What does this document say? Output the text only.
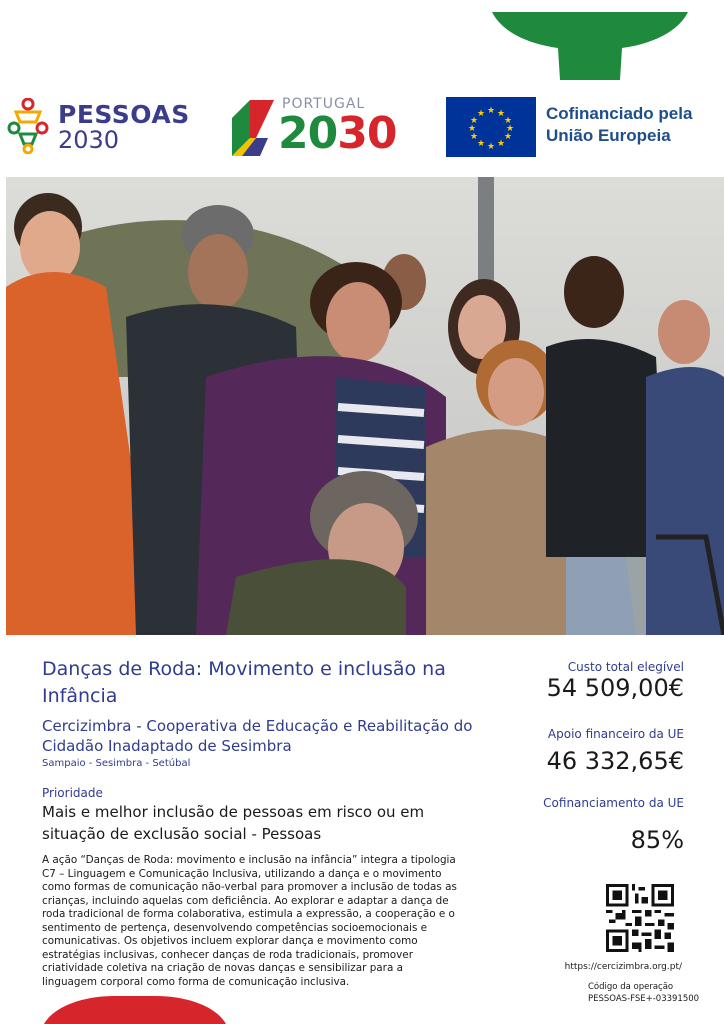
PESSOAS
2030
PORTUGAL
2030	★ ★
★
★
★
★
★
★
★
★
★
★	Cofinanciado pela
União Europeia
Danças de Roda: Movimento e inclusão na Infância
Cercizimbra - Cooperativa de Educação e Reabilitação do Cidadão Inadaptado de Sesimbra
Sampaio - Sesimbra - Setúbal
Prioridade
Mais e melhor inclusão de pessoas em risco ou em situação de exclusão social - Pessoas
A ação “Danças de Roda: movimento e inclusão na infância” integra a tipologia C7 – Linguagem e Comunicação Inclusiva, utilizando a dança e o movimento como formas de comunicação não-verbal para promover a inclusão de todas as crianças, incluindo aquelas com deficiência. Ao explorar e adaptar a dança de roda tradicional de forma colaborativa, estimula a expressão, a cooperação e o sentimento de pertença, desenvolvendo competências socioemocionais e comunicativas. Os objetivos incluem explorar dança e movimento como estratégias inclusivas, conhecer danças de roda tradicionais, promover criatividade coletiva na criação de novas danças e sensibilizar para a linguagem corporal como forma de comunicação inclusiva.
Custo total elegível
54 509,00€
Apoio financeiro da UE
46 332,65€
Cofinanciamento da UE
85%
https://cercizimbra.org.pt/
Código da operação
PESSOAS-FSE+-03391500
